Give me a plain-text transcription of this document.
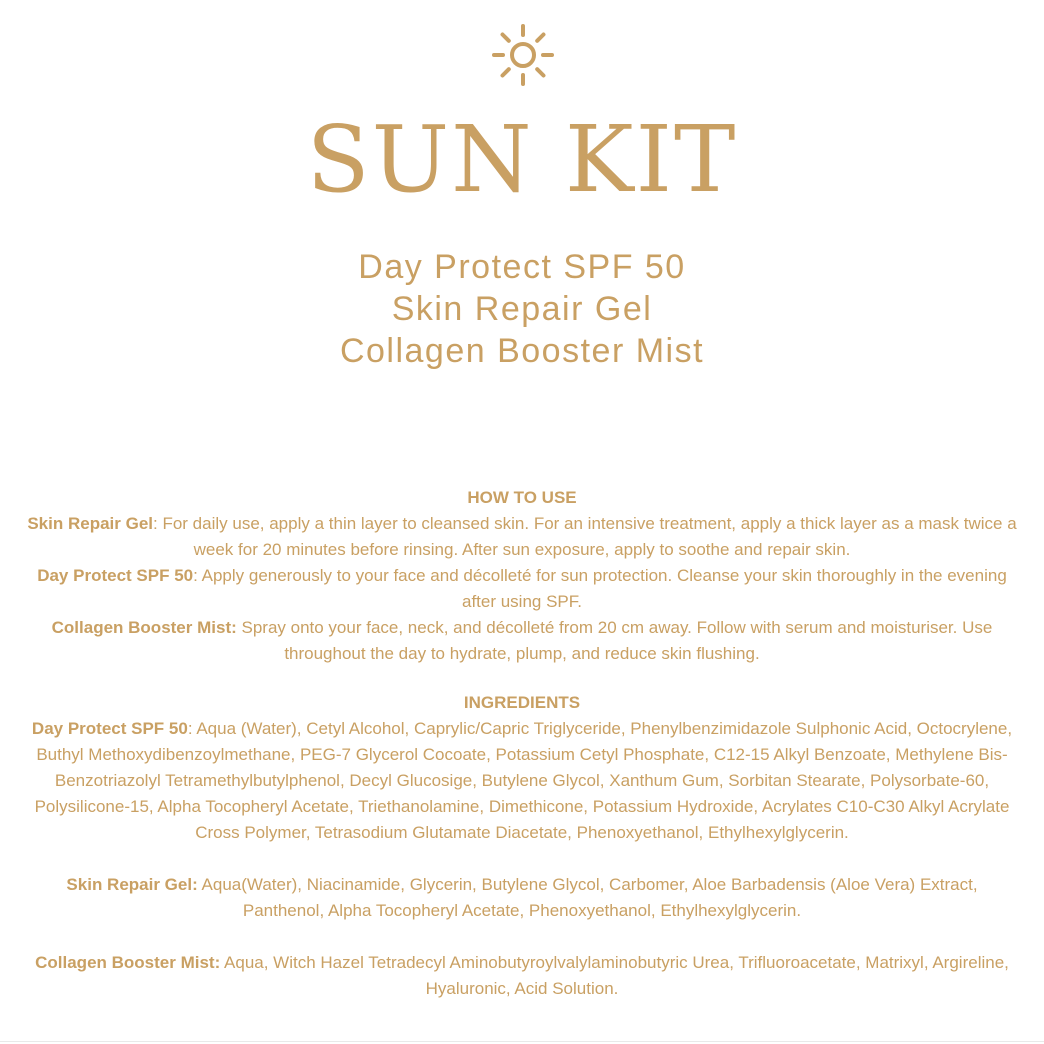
SUN KIT
Day Protect SPF 50
Skin Repair Gel
Collagen Booster Mist
HOW TO USE

Skin Repair Gel: For daily use, apply a thin layer to cleansed skin. For an intensive treatment, apply a thick layer as a mask twice a week for 20 minutes before rinsing. After sun exposure, apply to soothe and repair skin.

Day Protect SPF 50: Apply generously to your face and décolleté for sun protection. Cleanse your skin thoroughly in the evening after using SPF.

Collagen Booster Mist: Spray onto your face, neck, and décolleté from 20 cm away. Follow with serum and moisturiser. Use throughout the day to hydrate, plump, and reduce skin flushing.

INGREDIENTS

Day Protect SPF 50: Aqua (Water), Cetyl Alcohol, Caprylic/Capric Triglyceride, Phenylbenzimidazole Sulphonic Acid, Octocrylene, Buthyl Methoxydibenzoylmethane, PEG-7 Glycerol Cocoate, Potassium Cetyl Phosphate, C12-15 Alkyl Benzoate, Methylene Bis-Benzotriazolyl Tetramethylbutylphenol, Decyl Glucosige, Butylene Glycol, Xanthum Gum, Sorbitan Stearate, Polysorbate-60, Polysilicone-15, Alpha Tocopheryl Acetate, Triethanolamine, Dimethicone, Potassium Hydroxide, Acrylates C10-C30 Alkyl Acrylate Cross Polymer, Tetrasodium Glutamate Diacetate, Phenoxyethanol, Ethylhexylglycerin.

Skin Repair Gel: Aqua(Water), Niacinamide, Glycerin, Butylene Glycol, Carbomer, Aloe Barbadensis (Aloe Vera) Extract, Panthenol, Alpha Tocopheryl Acetate, Phenoxyethanol, Ethylhexylglycerin.

Collagen Booster Mist: Aqua, Witch Hazel Tetradecyl Aminobutyroylvalylaminobutyric Urea, Trifluoroacetate, Matrixyl, Argireline, Hyaluronic, Acid Solution.
